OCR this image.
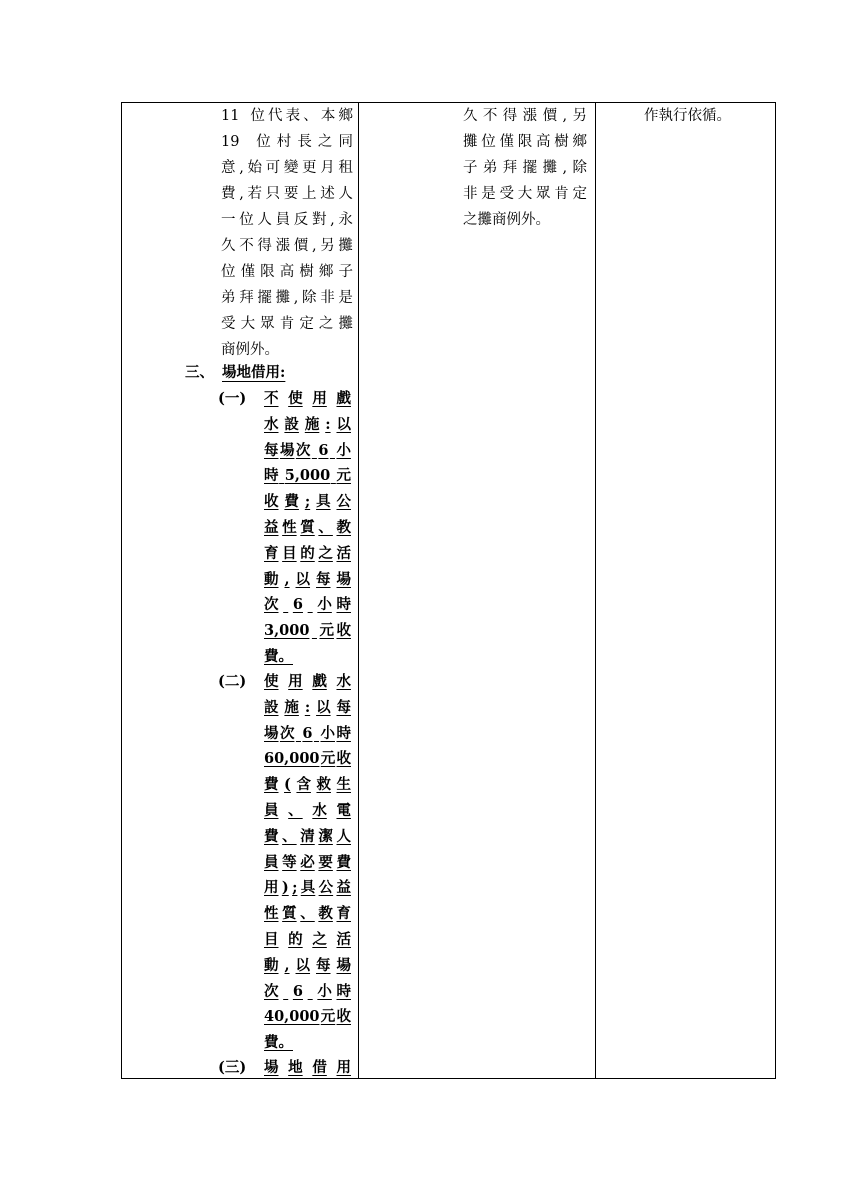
11
位 代 表 、 本 鄉
19
位 村 長 之 同
意 , 始 可 變 更 月 租
費 , 若 只 要 上 述 人
一 位 人 員 反 對 , 永
久 不 得 漲 價 , 另 攤
位 僅 限 高 樹 鄉 子
弟 拜 擺 攤 , 除 非 是
受 大 眾 肯 定 之 攤
商例外。
三、 場地借用:
(一) 不 使 用 戲
水 設 施 : 以
每 場 次
6
小
時
5,000
元
收 費 ; 具 公
益 性 質 、 教
育 目 的 之 活
動 , 以 每 場
次
6
小 時
3,000
元 收
費。
(二) 使 用 戲 水
設 施 : 以 每
場 次
6
小 時
60,000 元 收
費 ( 含 救 生
員 、 水 電
費 、 清 潔 人
員 等 必 要 費
用 ) ; 具 公 益
性 質 、 教 育
目 的 之 活
動 , 以 每 場
次
6
小 時
40,000 元 收
費。
(三) 場 地 借 用
久 不 得 漲 價 , 另
攤 位 僅 限 高 樹 鄉
子 弟 拜 擺 攤 , 除
非 是 受 大 眾 肯 定
之攤商例外。
作執行依循。
